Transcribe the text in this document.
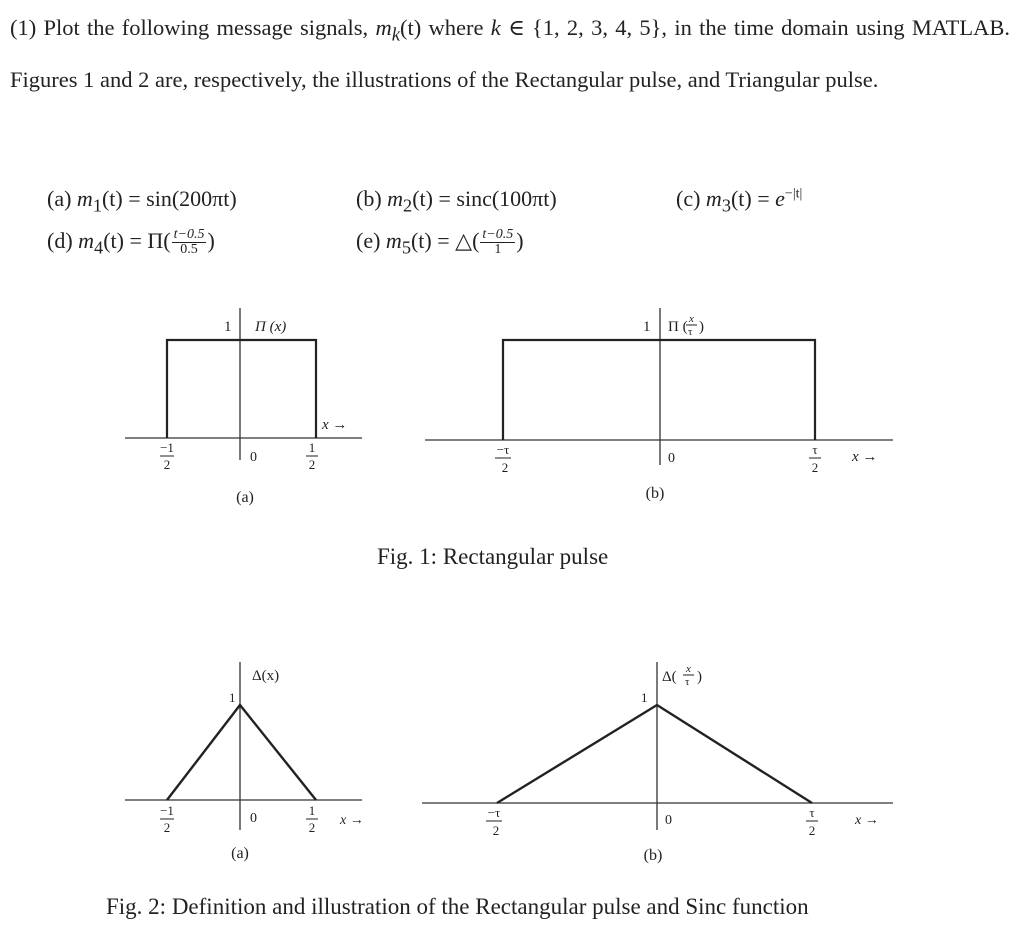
(1) Plot the following message signals, $m_k(t)$ where k ∈ {1, 2, 3, 4, 5}, in the time domain using MATLAB. Figures 1 and 2 are, respectively, the illustrations of the Rectangular pulse, and Triangular pulse.
(a) $m_1(t) = \sin(200\pi t)$	(b) $m_2(t) = \sin c(100\pi t)$	(c) $m_3(t) = e^{-|t|}$
(d) $m_4(t) = \Pi( \frac{t-0.5}{0.5}$ )	(e) $m_5(t)$ = △( $\frac{t-0.5}{1}$ )
1 Π (x)
x →
−1
2	0
1
2
(a)
1 Π ( x
τ )
−τ
2
0
τ
2
x →
(b)
Δ(x)
1
−1
2
0
1
2 x →
(a)
Δ( x
τ )
1
−τ
2
0
τ
2
x →
(b)
Fig. 1: Rectangular pulse
Fig. 2: Definition and illustration of the Rectangular pulse and Sinc function
